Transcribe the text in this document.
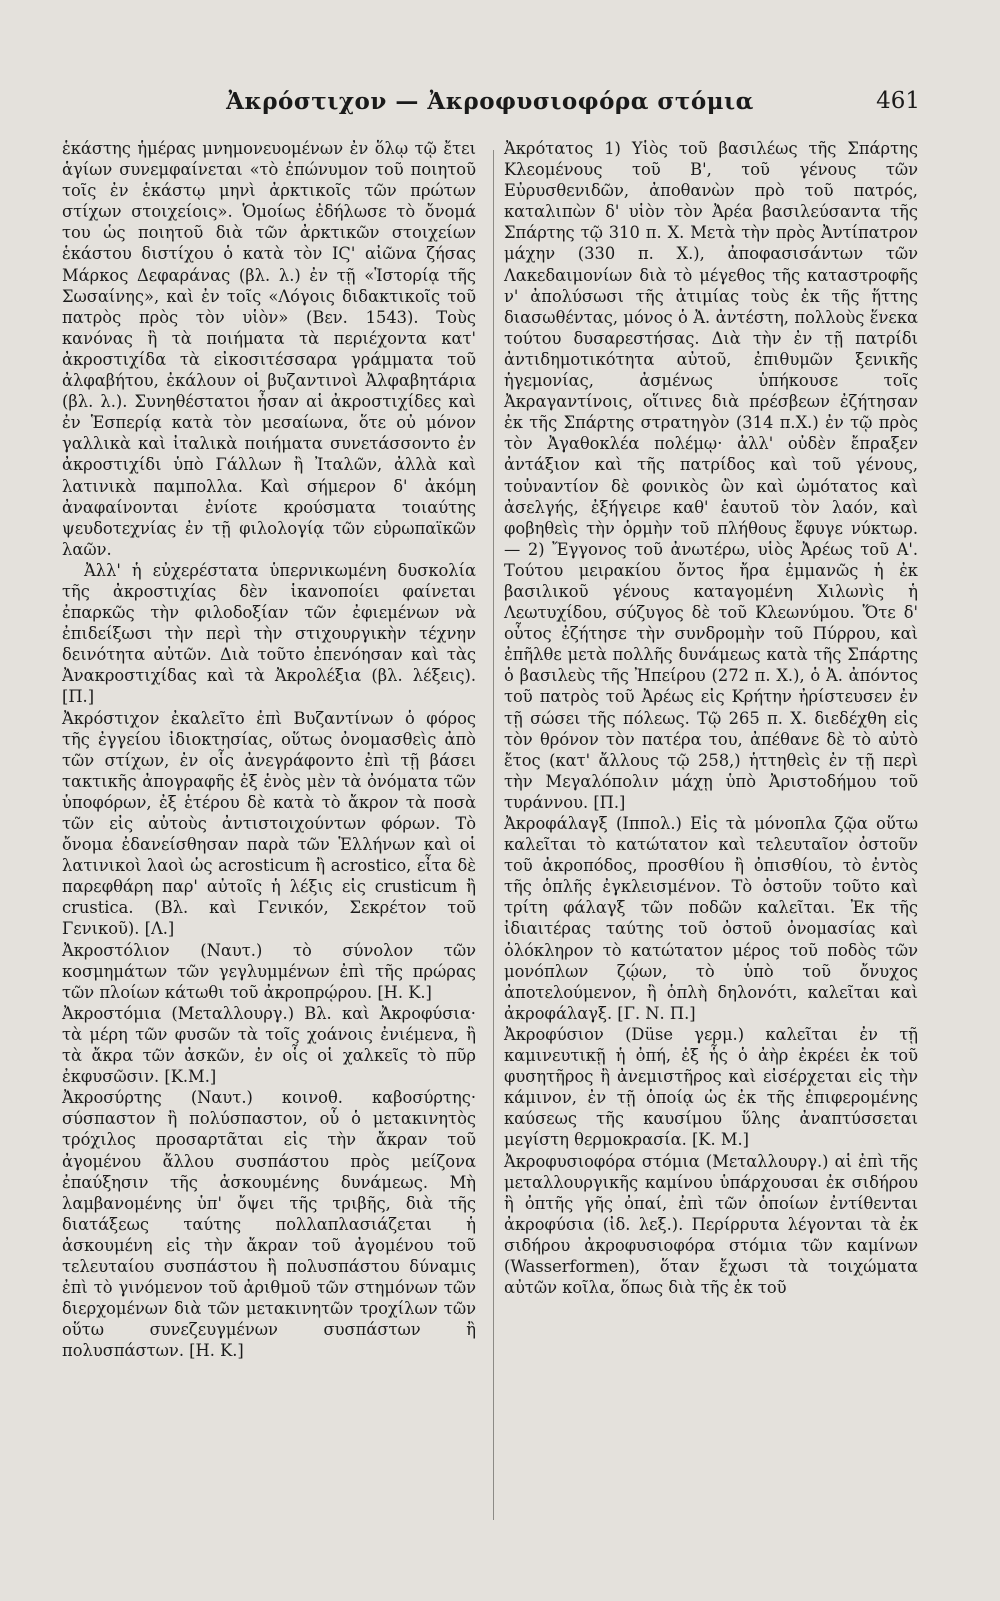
Ἀκρόστιχον — Ἀκροφυσιοφόρα στόμια	461

ἑκάστης ἡμέρας μνημονευομένων ἐν ὅλῳ τῷ ἔτει ἁγίων συνεμφαίνεται «τὸ ἐπώνυμον τοῦ ποιητοῦ τοῖς ἐν ἑκάστῳ μηνὶ ἀρκτικοῖς τῶν πρώτων στίχων στοιχείοις». Ὁμοίως ἐδήλωσε τὸ ὄνομά του ὡς ποιητοῦ διὰ τῶν ἀρκτικῶν στοιχείων ἑκάστου διστίχου ὁ κατὰ τὸν ΙϚ' αἰῶνα ζήσας Μάρκος Δεφαράνας (βλ. λ.) ἐν τῇ «Ἱστορίᾳ τῆς Σωσαίνης», καὶ ἐν τοῖς «Λόγοις διδακτικοῖς τοῦ πατρὸς πρὸς τὸν υἱὸν» (Βεν. 1543). Τοὺς κανόνας ἢ τὰ ποιήματα τὰ περιέχοντα κατ' ἀκροστιχίδα τὰ εἰκοσιτέσσαρα γράμματα τοῦ ἀλφαβήτου, ἐκάλουν οἱ βυζαντινοὶ Ἀλφαβητάρια (βλ. λ.). Συνηθέστατοι ἦσαν αἱ ἀκροστιχίδες καὶ ἐν Ἑσπερίᾳ κατὰ τὸν μεσαίωνα, ὅτε οὐ μόνον γαλλικὰ καὶ ἰταλικὰ ποιήματα συνετάσσοντο ἐν ἀκροστιχίδι ὑπὸ Γάλλων ἢ Ἰταλῶν, ἀλλὰ καὶ λατινικὰ παμπολλα. Καὶ σήμερον δ' ἀκόμη ἀναφαίνονται ἐνίοτε κρούσματα τοιαύτης ψευδοτεχνίας ἐν τῇ φιλολογίᾳ τῶν εὐρωπαϊκῶν λαῶν.

Ἀλλ' ἡ εὐχερέστατα ὑπερνικωμένη δυσκολία τῆς ἀκροστιχίας δὲν ἱκανοποίει φαίνεται ἐπαρκῶς τὴν φιλοδοξίαν τῶν ἐφιεμένων νὰ ἐπιδείξωσι τὴν περὶ τὴν στιχουργικὴν τέχνην δεινότητα αὐτῶν. Διὰ τοῦτο ἐπενόησαν καὶ τὰς Ἀνακροστιχίδας καὶ τὰ Ἀκρολέξια (βλ. λέξεις). [Π.]

Ἀκρόστιχον ἐκαλεῖτο ἐπὶ Βυζαντίνων ὁ φόρος τῆς ἐγγείου ἰδιοκτησίας, οὕτως ὀνομασθεὶς ἀπὸ τῶν στίχων, ἐν οἷς ἀνεγράφοντο ἐπὶ τῇ βάσει τακτικῆς ἀπογραφῆς ἐξ ἑνὸς μὲν τὰ ὀνόματα τῶν ὑποφόρων, ἐξ ἑτέρου δὲ κατὰ τὸ ἄκρον τὰ ποσὰ τῶν εἰς αὐτοὺς ἀντιστοιχούντων φόρων. Τὸ ὄνομα ἐδανείσθησαν παρὰ τῶν Ἑλλήνων καὶ οἱ λατινικοὶ λαοὶ ὡς acrosticum ἢ acrostico, εἶτα δὲ παρεφθάρη παρ' αὐτοῖς ἡ λέξις εἰς crusticum ἢ crustica. (Βλ. καὶ Γενικόν, Σεκρέτον τοῦ Γενικοῦ). [Λ.]

Ἀκροστόλιον (Ναυτ.) τὸ σύνολον τῶν κοσμημάτων τῶν γεγλυμμένων ἐπὶ τῆς πρώρας τῶν πλοίων κάτωθι τοῦ ἀκροπρῴρου. [Η. Κ.]

Ἀκροστόμια (Μεταλλουργ.) Βλ. καὶ Ἀκροφύσια· τὰ μέρη τῶν φυσῶν τὰ τοῖς χοάνοις ἐνιέμενα, ἢ τὰ ἄκρα τῶν ἀσκῶν, ἐν οἷς οἱ χαλκεῖς τὸ πῦρ ἐκφυσῶσιν. [Κ.Μ.]

Ἀκροσύρτης (Ναυτ.) κοινοθ. καβοσύρτης· σύσπαστον ἢ πολύσπαστον, οὗ ὁ μετακινητὸς τρόχιλος προσαρτᾶται εἰς τὴν ἄκραν τοῦ ἀγομένου ἄλλου συσπάστου πρὸς μείζονα ἐπαύξησιν τῆς ἀσκουμένης δυνάμεως. Μὴ λαμβανομένης ὑπ' ὄψει τῆς τριβῆς, διὰ τῆς διατάξεως ταύτης πολλαπλασιάζεται ἡ ἀσκουμένη εἰς τὴν ἄκραν τοῦ ἀγομένου τοῦ τελευταίου συσπάστου ἢ πολυσπάστου δύναμις ἐπὶ τὸ γινόμενον τοῦ ἀριθμοῦ τῶν στημόνων τῶν διερχομένων διὰ τῶν μετακινητῶν τροχίλων τῶν οὕτω συνεζευγμένων συσπάστων ἢ πολυσπάστων. [Η. Κ.]

Ἀκρότατος 1) Υἱὸς τοῦ βασιλέως τῆς Σπάρτης Κλεομένους τοῦ Β', τοῦ γένους τῶν Εὐρυσθενιδῶν, ἀποθανὼν πρὸ τοῦ πατρός, καταλιπὼν δ' υἱὸν τὸν Ἀρέα βασιλεύσαντα τῆς Σπάρτης τῷ 310 π. Χ. Μετὰ τὴν πρὸς Ἀντίπατρον μάχην (330 π. Χ.), ἀποφασισάντων τῶν Λακεδαιμονίων διὰ τὸ μέγεθος τῆς καταστροφῆς ν' ἀπολύσωσι τῆς ἀτιμίας τοὺς ἐκ τῆς ἥττης διασωθέντας, μόνος ὁ Ἀ. ἀντέστη, πολλοὺς ἕνεκα τούτου δυσαρεστήσας. Διὰ τὴν ἐν τῇ πατρίδι ἀντιδημοτικότητα αὐτοῦ, ἐπιθυμῶν ξενικῆς ἡγεμονίας, ἀσμένως ὑπήκουσε τοῖς Ἀκραγαντίνοις, οἵτινες διὰ πρέσβεων ἐζήτησαν ἐκ τῆς Σπάρτης στρατηγὸν (314 π.Χ.) ἐν τῷ πρὸς τὸν Ἀγαθοκλέα πολέμῳ· ἀλλ' οὐδὲν ἔπραξεν ἀντάξιον καὶ τῆς πατρίδος καὶ τοῦ γένους, τοὐναντίον δὲ φονικὸς ὢν καὶ ὠμότατος καὶ ἀσελγής, ἐξήγειρε καθ' ἑαυτοῦ τὸν λαόν, καὶ φοβηθεὶς τὴν ὁρμὴν τοῦ πλήθους ἔφυγε νύκτωρ. — 2) Ἔγγονος τοῦ ἀνωτέρω, υἱὸς Ἀρέως τοῦ Α'. Τούτου μειρακίου ὄντος ἤρα ἐμμανῶς ἡ ἐκ βασιλικοῦ γένους καταγομένη Χιλωνὶς ἡ Λεωτυχίδου, σύζυγος δὲ τοῦ Κλεωνύμου. Ὅτε δ' οὗτος ἐζήτησε τὴν συνδρομὴν τοῦ Πύρρου, καὶ ἐπῆλθε μετὰ πολλῆς δυνάμεως κατὰ τῆς Σπάρτης ὁ βασιλεὺς τῆς Ἠπείρου (272 π. Χ.), ὁ Ἀ. ἀπόντος τοῦ πατρὸς τοῦ Ἀρέως εἰς Κρήτην ἠρίστευσεν ἐν τῇ σώσει τῆς πόλεως. Τῷ 265 π. Χ. διεδέχθη εἰς τὸν θρόνον τὸν πατέρα του, ἀπέθανε δὲ τὸ αὐτὸ ἔτος (κατ' ἄλλους τῷ 258,) ἡττηθεὶς ἐν τῇ περὶ τὴν Μεγαλόπολιν μάχῃ ὑπὸ Ἀριστοδήμου τοῦ τυράννου. [Π.]

Ἀκροφάλαγξ (Ιππολ.) Εἰς τὰ μόνοπλα ζῷα οὕτω καλεῖται τὸ κατώτατον καὶ τελευταῖον ὀστοῦν τοῦ ἀκροπόδος, προσθίου ἢ ὀπισθίου, τὸ ἐντὸς τῆς ὁπλῆς ἐγκλεισμένον. Τὸ ὀστοῦν τοῦτο καὶ τρίτη φάλαγξ τῶν ποδῶν καλεῖται. Ἐκ τῆς ἰδιαιτέρας ταύτης τοῦ ὀστοῦ ὀνομασίας καὶ ὁλόκληρον τὸ κατώτατον μέρος τοῦ ποδὸς τῶν μονόπλων ζῴων, τὸ ὑπὸ τοῦ ὄνυχος ἀποτελούμενον, ἢ ὁπλὴ δηλονότι, καλεῖται καὶ ἀκροφάλαγξ. [Γ. Ν. Π.]

Ἀκροφύσιον (Düse γερμ.) καλεῖται ἐν τῇ καμινευτικῇ ἡ ὀπή, ἐξ ἧς ὁ ἀὴρ ἐκρέει ἐκ τοῦ φυσητῆρος ἢ ἀνεμιστῆρος καὶ εἰσέρχεται εἰς τὴν κάμινον, ἐν τῇ ὁποίᾳ ὡς ἐκ τῆς ἐπιφερομένης καύσεως τῆς καυσίμου ὕλης ἀναπτύσσεται μεγίστη θερμοκρασία. [Κ. Μ.]

Ἀκροφυσιοφόρα στόμια (Μεταλλουργ.) αἱ ἐπὶ τῆς μεταλλουργικῆς καμίνου ὑπάρχουσαι ἐκ σιδήρου ἢ ὀπτῆς γῆς ὀπαί, ἐπὶ τῶν ὁποίων ἐντίθενται ἀκροφύσια (ἰδ. λεξ.). Περίρρυτα λέγονται τὰ ἐκ σιδήρου ἀκροφυσιοφόρα στόμια τῶν καμίνων (Wasserformen), ὅταν ἔχωσι τὰ τοιχώματα αὐτῶν κοῖλα, ὅπως διὰ τῆς ἐκ τοῦ
